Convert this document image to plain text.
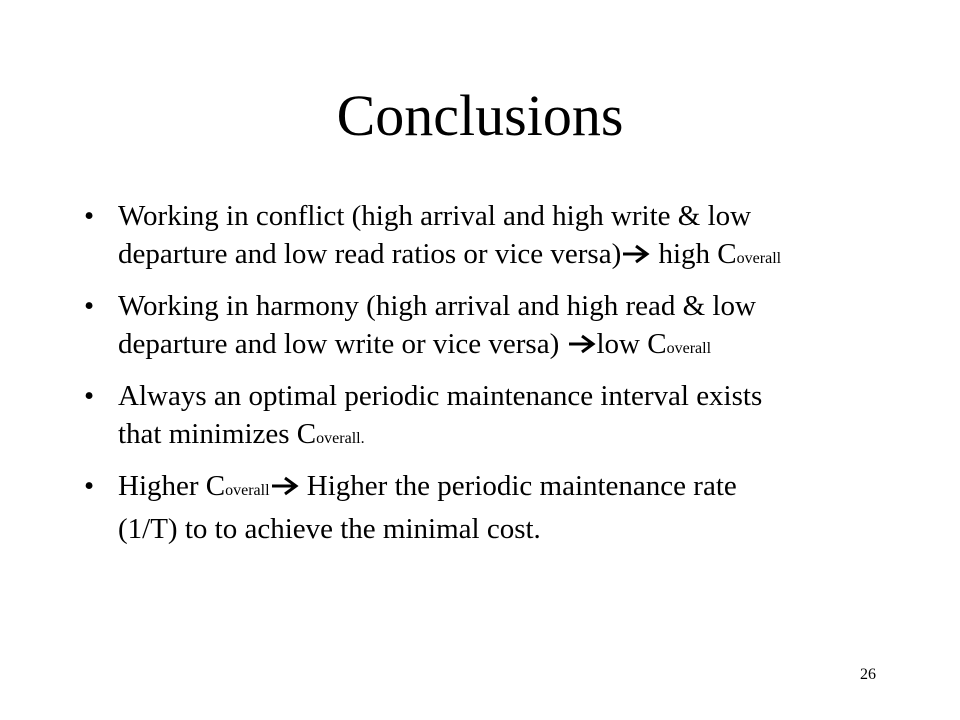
Conclusions
• Working in conflict (high arrival and high write & low
departure and low read ratios or vice versa) high Coverall
• Working in harmony (high arrival and high read & low
departure and low write or vice versa) low Coverall
• Always an optimal periodic maintenance interval exists
that minimizes Coverall.
• Higher Coverall Higher the periodic maintenance rate
(1/T) to to achieve the minimal cost.
26
